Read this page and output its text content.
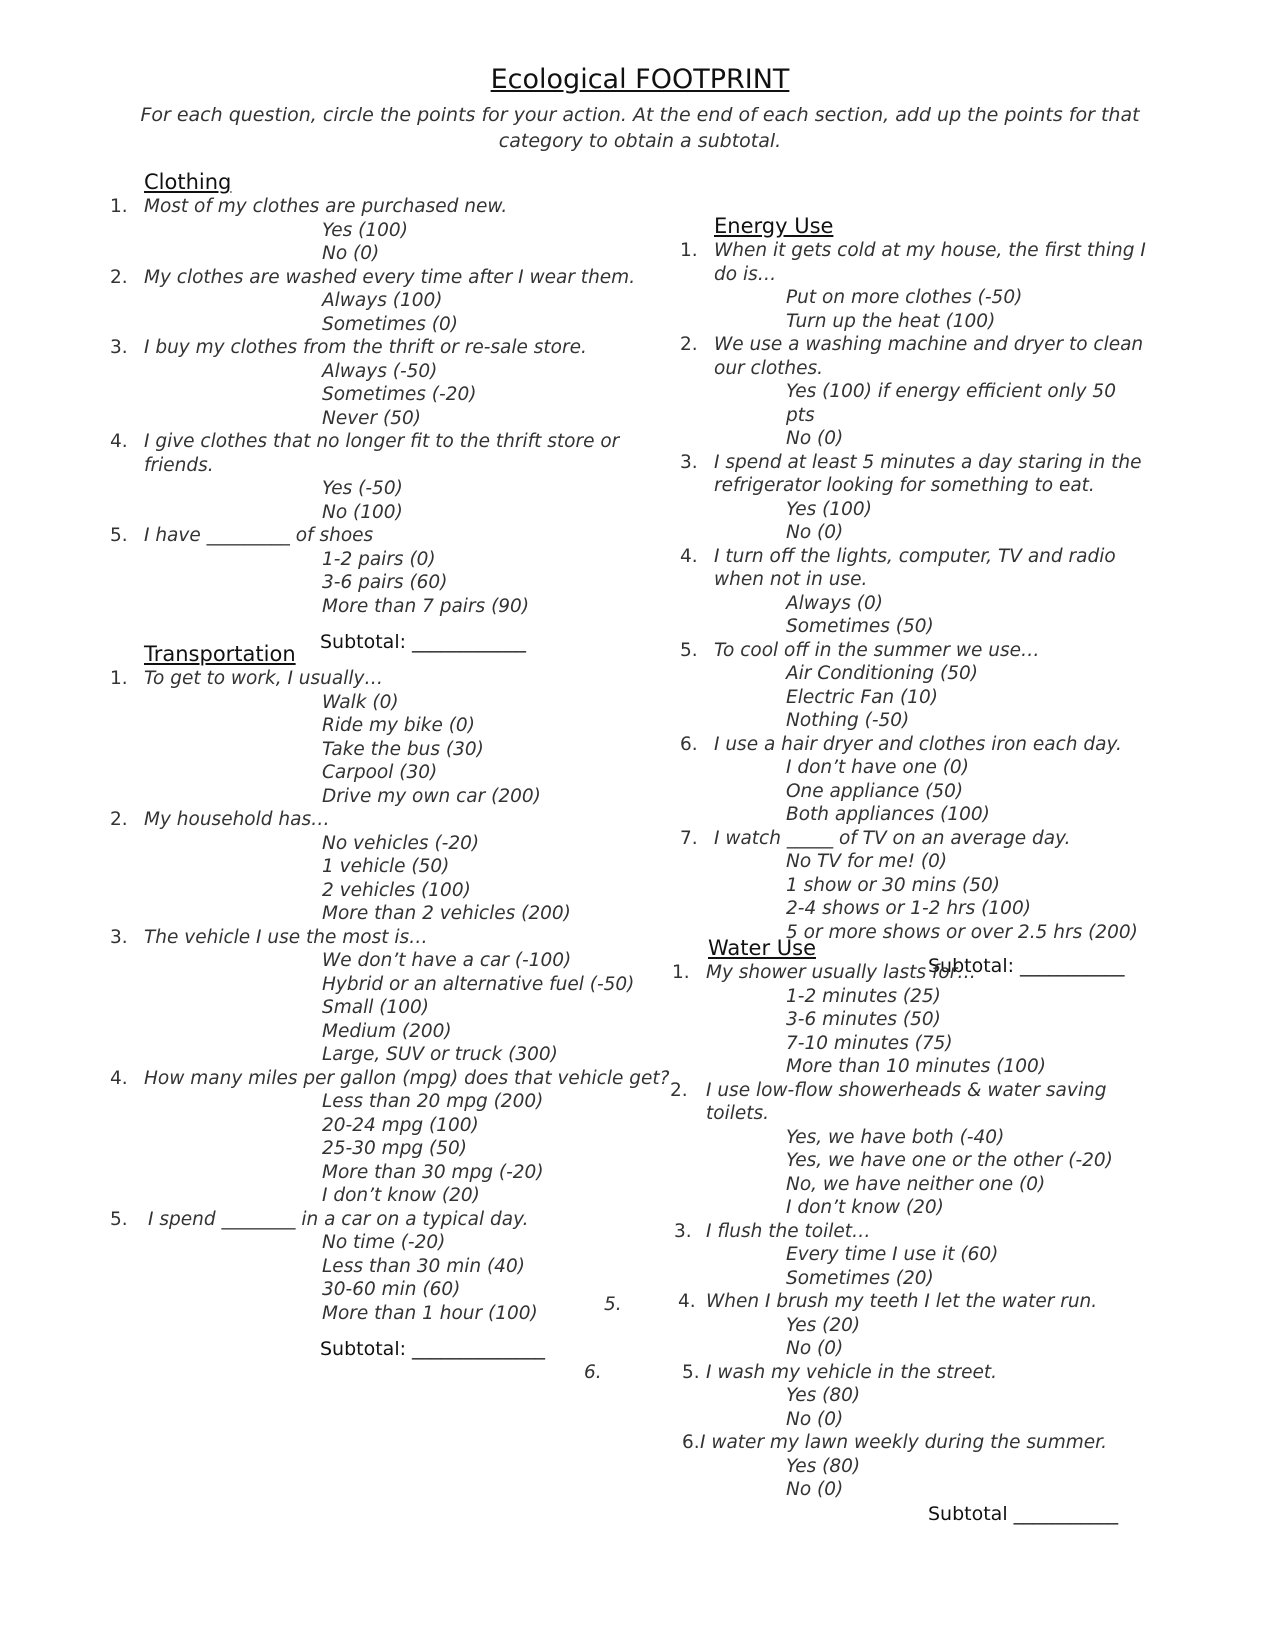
Ecological FOOTPRINT

For each question, circle the points for your action. At the end of each section, add up the points for that category to obtain a subtotal.

Clothing
1. Most of my clothes are purchased new.
Yes (100)
No (0)
2. My clothes are washed every time after I wear them.
Always (100)
Sometimes (0)
3. I buy my clothes from the thrift or re-sale store.
Always (-50)
Sometimes (-20)
Never (50)
4. I give clothes that no longer fit to the thrift store or friends.
Yes (-50)
No (100)
5. I have _________ of shoes
1-2 pairs (0)
3-6 pairs (60)
More than 7 pairs (90)
Subtotal: ____________
Transportation
1. To get to work, I usually…
Walk (0)
Ride my bike (0)
Take the bus (30)
Carpool (30)
Drive my own car (200)
2. My household has…
No vehicles (-20)
1 vehicle (50)
2 vehicles (100)
More than 2 vehicles (200)
3. The vehicle I use the most is…
We don’t have a car (-100)
Hybrid or an alternative fuel (-50)
Small (100)
Medium (200)
Large, SUV or truck (300)
4. How many miles per gallon (mpg) does that vehicle get?
Less than 20 mpg (200)
20-24 mpg (100)
25-30 mpg (50)
More than 30 mpg (-20)
I don’t know (20)
5. I spend ________ in a car on a typical day.
No time (-20)
Less than 30 min (40)
30-60 min (60)
More than 1 hour (100)
Subtotal: ______________
Energy Use
1. When it gets cold at my house, the first thing I do is…
Put on more clothes (-50)
Turn up the heat (100)
2. We use a washing machine and dryer to clean our clothes.
Yes (100) if energy efficient only 50 pts
No (0)
3. I spend at least 5 minutes a day staring in the refrigerator looking for something to eat.
Yes (100)
No (0)
4. I turn off the lights, computer, TV and radio when not in use.
Always (0)
Sometimes (50)
5. To cool off in the summer we use…
Air Conditioning (50)
Electric Fan (10)
Nothing (-50)
6. I use a hair dryer and clothes iron each day.
I don’t have one (0)
One appliance (50)
Both appliances (100)
7. I watch _____ of TV on an average day.
No TV for me! (0)
1 show or 30 mins (50)
2-4 shows or 1-2 hrs (100)
5 or more shows or over 2.5 hrs (200)
Subtotal: ___________
Water Use
1. My shower usually lasts for…
1-2 minutes (25)
3-6 minutes (50)
7-10 minutes (75)
More than 10 minutes (100)
2. I use low-flow showerheads & water saving toilets.
Yes, we have both (-40)
Yes, we have one or the other (-20)
No, we have neither one (0)
I don’t know (20)
3. I flush the toilet…
Every time I use it (60)
Sometimes (20)
4. When I brush my teeth I let the water run.
Yes (20)
No (0)
5. I wash my vehicle in the street.
Yes (80)
No (0)
6. I water my lawn weekly during the summer.
Yes (80)
No (0)
Subtotal ___________
5.
6.
